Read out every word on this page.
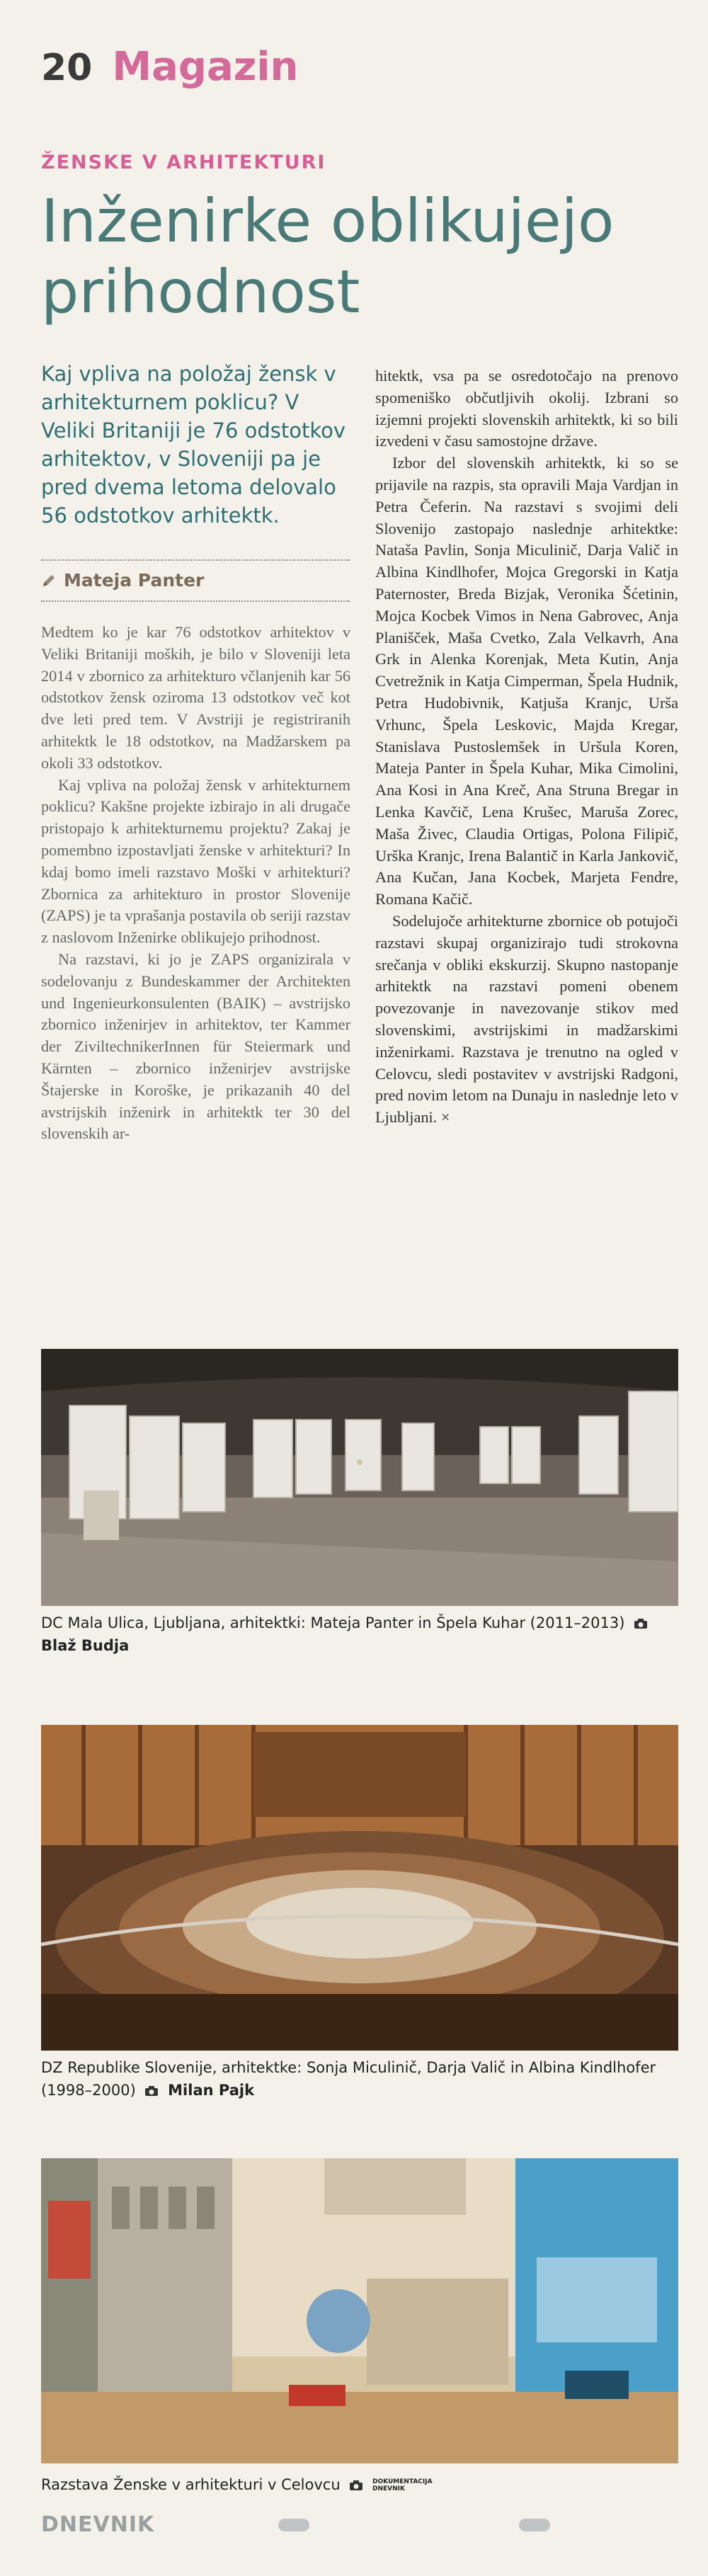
20 Magazin
ŽENSKE V ARHITEKTURI
Inženirke oblikujejo prihodnost
Kaj vpliva na položaj žensk v arhitekturnem poklicu? V Veliki Britaniji je 76 odstotkov arhitektov, v Sloveniji pa je pred dvema letoma delovalo 56 odstotkov arhitektk.
Mateja Panter

Medtem ko je kar 76 odstotkov arhitektov v Veliki Britaniji moških, je bilo v Sloveniji leta 2014 v zbornico za arhitekturo včlanjenih kar 56 odstotkov žensk oziroma 13 odstotkov več kot dve leti pred tem. V Avstriji je registriranih arhitektk le 18 odstotkov, na Madžarskem pa okoli 33 odstotkov.

Kaj vpliva na položaj žensk v arhitekturnem poklicu? Kakšne projekte izbirajo in ali drugače pristopajo k arhitekturnemu projektu? Zakaj je pomembno izpostavljati ženske v arhitekturi? In kdaj bomo imeli razstavo Moški v arhitekturi? Zbornica za arhitekturo in prostor Slovenije (ZAPS) je ta vprašanja postavila ob seriji razstav z naslovom Inženirke oblikujejo prihodnost.

Na razstavi, ki jo je ZAPS organizirala v sodelovanju z Bundeskammer der Architekten und Ingenieurkonsulenten (BAIK) – avstrijsko zbornico inženirjev in arhitektov, ter Kammer der ZiviltechnikerInnen für Steiermark und Kärnten – zbornico inženirjev avstrijske Štajerske in Koroške, je prikazanih 40 del avstrijskih inženirk in arhitektk ter 30 del slovenskih ar-

hitektk, vsa pa se osredotočajo na prenovo spomeniško občutljivih okolij. Izbrani so izjemni projekti slovenskih arhitektk, ki so bili izvedeni v času samostojne države.

Izbor del slovenskih arhitektk, ki so se prijavile na razpis, sta opravili Maja Vardjan in Petra Čeferin. Na razstavi s svojimi deli Slovenijo zastopajo naslednje arhitektke: Nataša Pavlin, Sonja Miculinič, Darja Valič in Albina Kindlhofer, Mojca Gregorski in Katja Paternoster, Breda Bizjak, Veronika Šćetinin, Mojca Kocbek Vimos in Nena Gabrovec, Anja Planišček, Maša Cvetko, Zala Velkavrh, Ana Grk in Alenka Korenjak, Meta Kutin, Anja Cvetrežnik in Katja Cimperman, Špela Hudnik, Petra Hudobivnik, Katjuša Kranjc, Urša Vrhunc, Špela Leskovic, Majda Kregar, Stanislava Pustoslemšek in Uršula Koren, Mateja Panter in Špela Kuhar, Mika Cimolini, Ana Kosi in Ana Kreč, Ana Struna Bregar in Lenka Kavčič, Lena Krušec, Maruša Zorec, Maša Živec, Claudia Ortigas, Polona Filipič, Urška Kranjc, Irena Balantič in Karla Jankovič, Ana Kučan, Jana Kocbek, Marjeta Fendre, Romana Kačič.

Sodelujoče arhitekturne zbornice ob potujoči razstavi skupaj organizirajo tudi strokovna srečanja v obliki ekskurzij. Skupno nastopanje arhitektk na razstavi pomeni obenem povezovanje in navezovanje stikov med slovenskimi, avstrijskimi in madžarskimi inženirkami. Razstava je trenutno na ogled v Celovcu, sledi postavitev v avstrijski Radgoni, pred novim letom na Dunaju in naslednje leto v Ljubljani. ×

DC Mala Ulica, Ljubljana, arhitektki: Mateja Panter in Špela Kuhar (2011–2013)  Blaž Budja
DZ Republike Slovenije, arhitektke: Sonja Miculinič, Darja Valič in Albina Kindlhofer (1998–2000) Milan Pajk
Razstava Ženske v arhitekturi v Celovcu	DOKUMENTACIJA DNEVNIK
DNEVNIK
